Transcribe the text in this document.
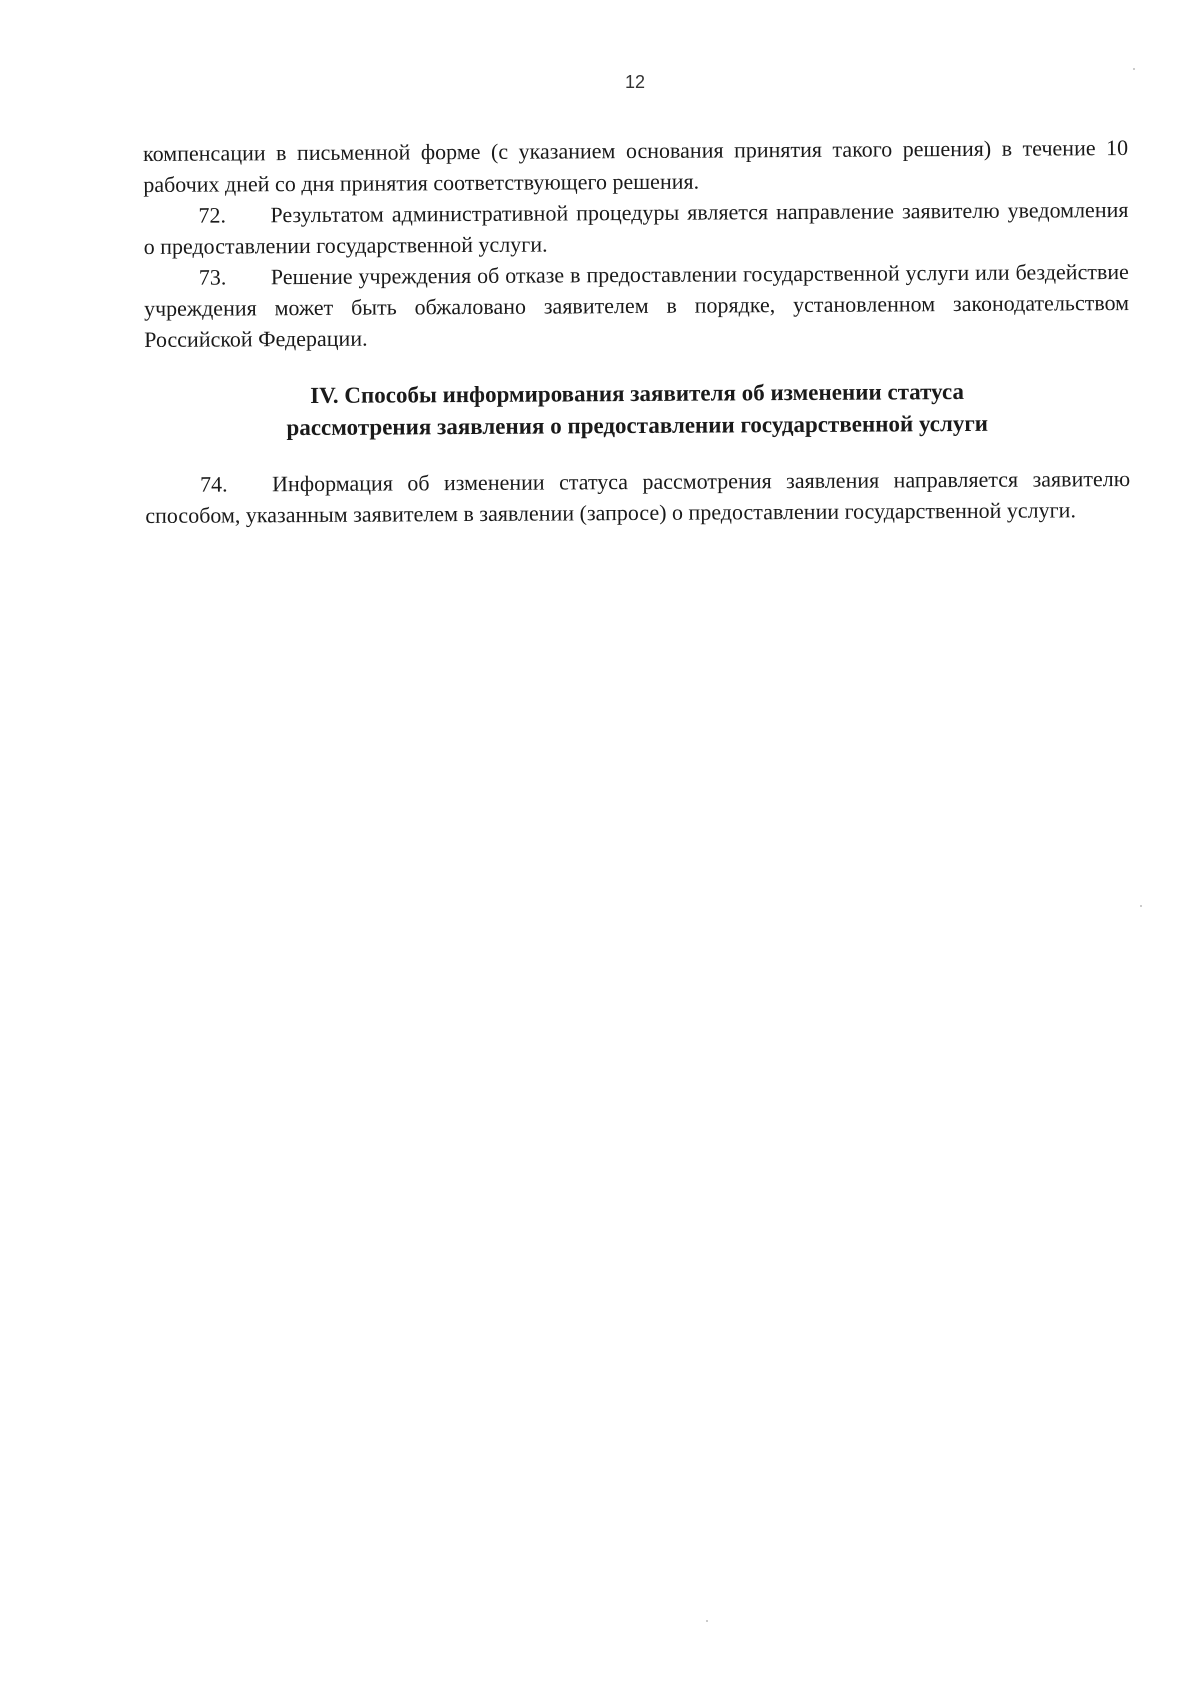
12

компенсации в письменной форме (с указанием основания принятия такого решения) в течение 10 рабочих дней со дня принятия соответствующего решения.

72. Результатом административной процедуры является направление заявителю уведомления о предоставлении государственной услуги.

73. Решение учреждения об отказе в предоставлении государственной услуги или бездействие учреждения может быть обжаловано заявителем в порядке, установленном законодательством Российской Федерации.

IV. Способы информирования заявителя об изменении статуса
рассмотрения заявления о предоставлении государственной услуги

74. Информация об изменении статуса рассмотрения заявления направляется заявителю способом, указанным заявителем в заявлении (запросе) о предоставлении государственной услуги.
